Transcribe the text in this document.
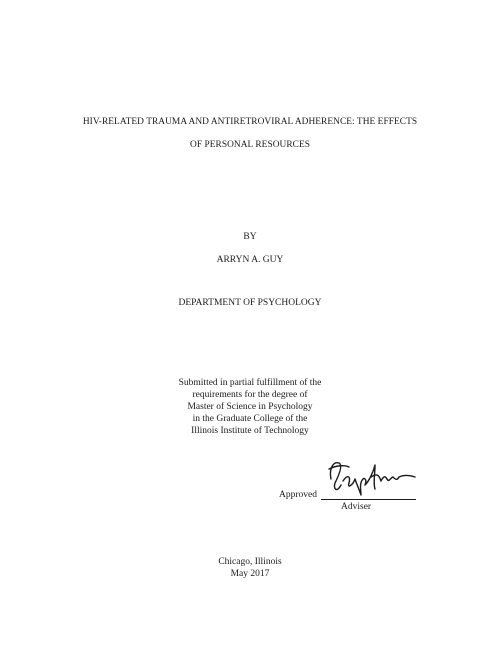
HIV-RELATED TRAUMA AND ANTIRETROVIRAL ADHERENCE: THE EFFECTS
OF PERSONAL RESOURCES
BY
ARRYN A. GUY
DEPARTMENT OF PSYCHOLOGY
Submitted in partial fulfillment of the
requirements for the degree of
Master of Science in Psychology
in the Graduate College of the
Illinois Institute of Technology
Approved
Adviser
Chicago, Illinois
May 2017
